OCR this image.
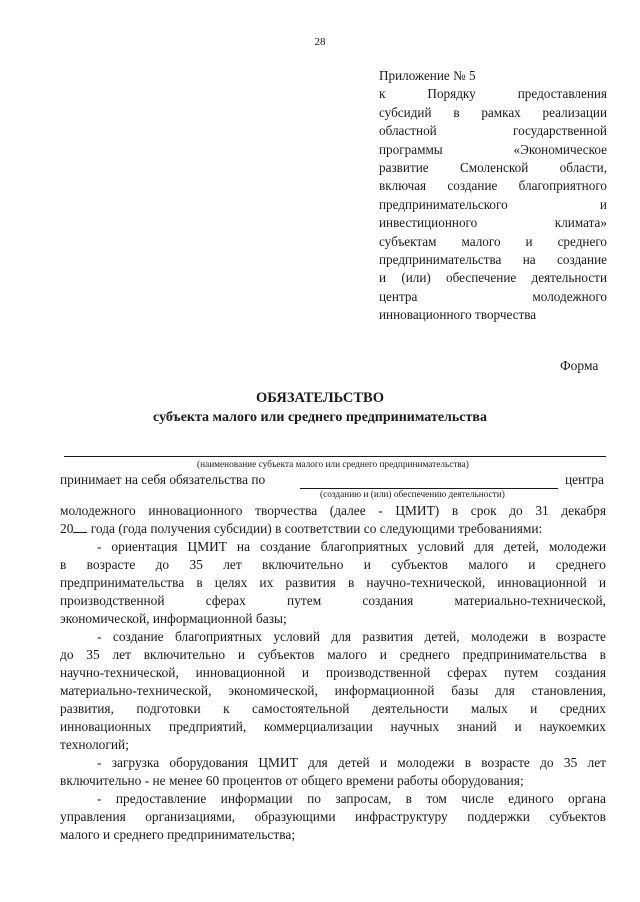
28
Приложение № 5
к Порядку предоставления
субсидий в рамках реализации
областной государственной
программы «Экономическое
развитие Смоленской области,
включая создание благоприятного
предпринимательского и
инвестиционного климата»
субъектам малого и среднего
предпринимательства на создание
и (или) обеспечение деятельности
центра молодежного
инновационного творчества
Форма
ОБЯЗАТЕЛЬСТВО
субъекта малого или среднего предпринимательства
(наименование субъекта малого или среднего предпринимательства)
принимает на себя обязательства по	центра
(созданию и (или) обеспечению деятельности)
молодежного инновационного творчества (далее - ЦМИТ) в срок до 31 декабря
20 года (года получения субсидии) в соответствии со следующими требованиями:
- ориентация ЦМИТ на создание благоприятных условий для детей, молодежи
в возрасте до 35 лет включительно и субъектов малого и среднего
предпринимательства в целях их развития в научно-технической, инновационной и
производственной сферах путем создания материально-технической,
экономической, информационной базы;
- создание благоприятных условий для развития детей, молодежи в возрасте
до 35 лет включительно и субъектов малого и среднего предпринимательства в
научно-технической, инновационной и производственной сферах путем создания
материально-технической, экономической, информационной базы для становления,
развития, подготовки к самостоятельной деятельности малых и средних
инновационных предприятий, коммерциализации научных знаний и наукоемких
технологий;
- загрузка оборудования ЦМИТ для детей и молодежи в возрасте до 35 лет
включительно - не менее 60 процентов от общего времени работы оборудования;
- предоставление информации по запросам, в том числе единого органа
управления организациями, образующими инфраструктуру поддержки субъектов
малого и среднего предпринимательства;
